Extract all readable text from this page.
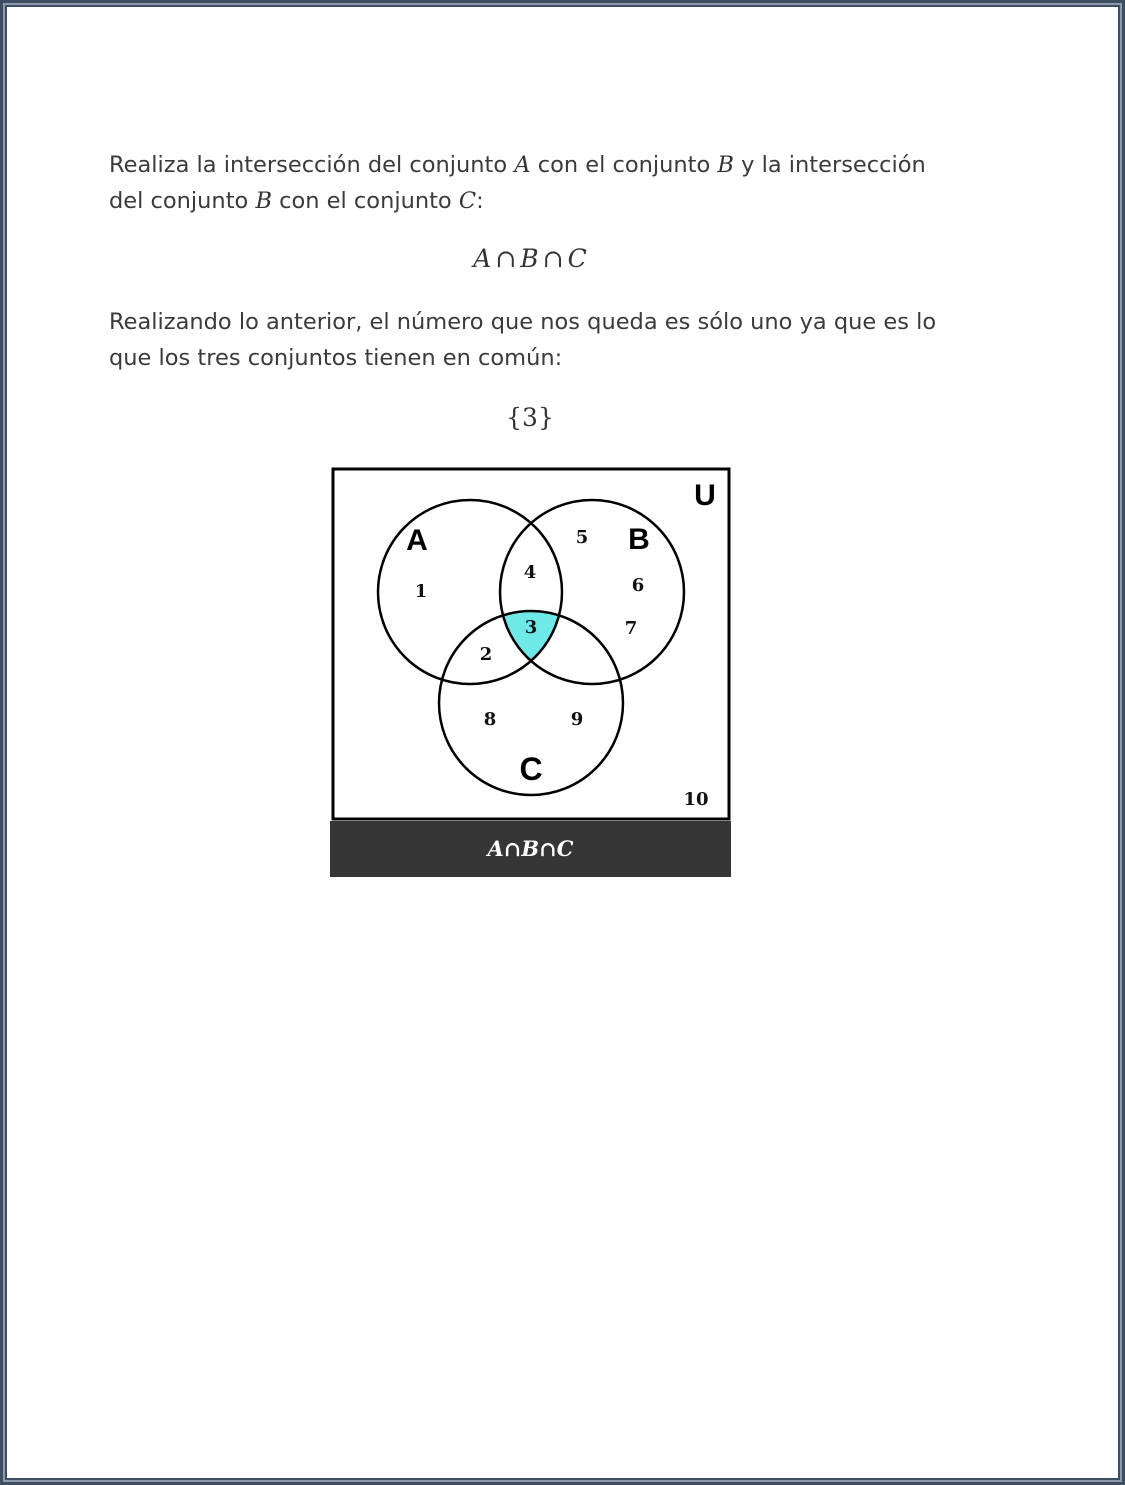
Realiza la intersección del conjunto A con el conjunto B y la intersección del conjunto B con el conjunto C:

A ∩ B ∩ C

Realizando lo anterior, el número que nos queda es sólo uno ya que es lo que los tres conjuntos tienen en común:

{3}
U
A	B
C
1
2
3
4
5
6
7
8	9
10
A∩B∩C
